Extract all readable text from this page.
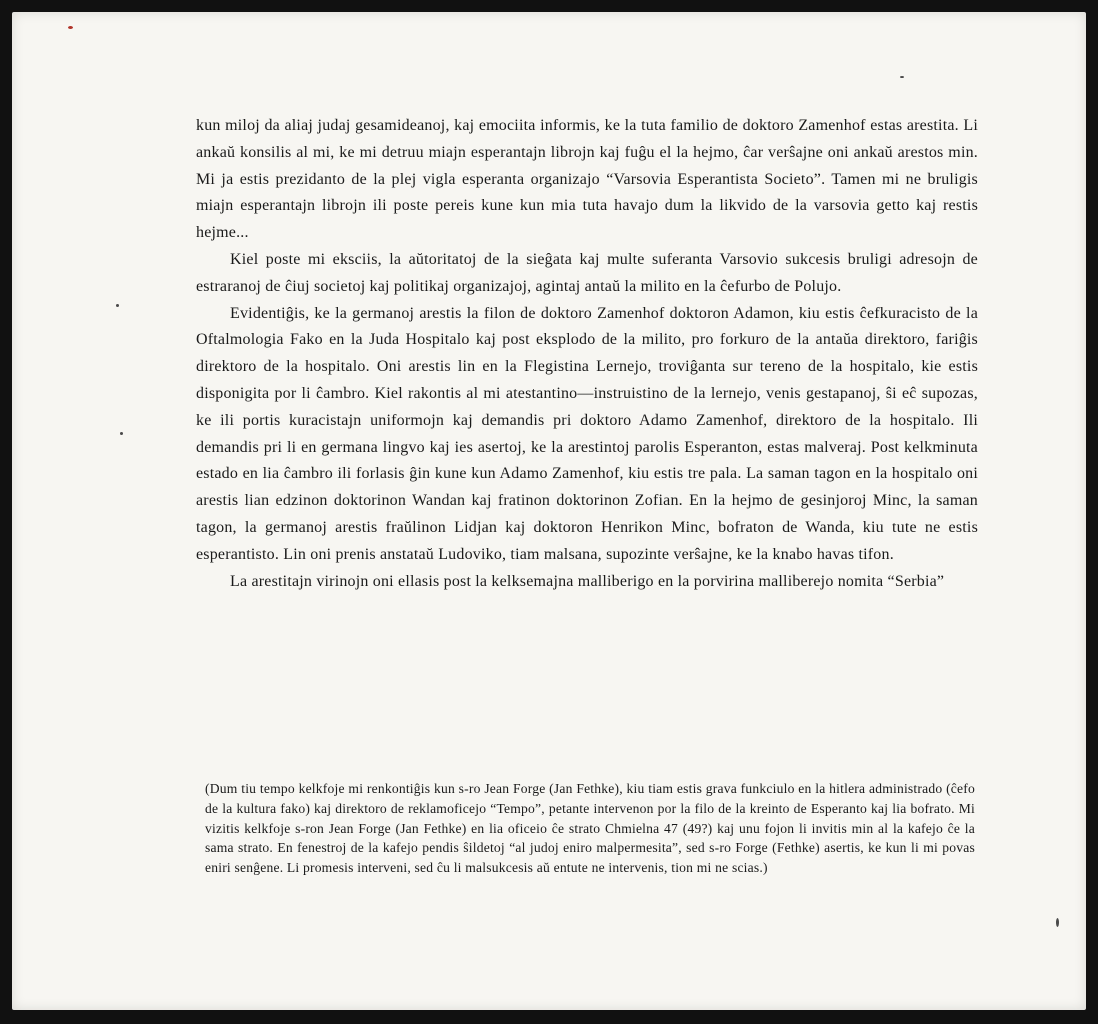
kun miloj da aliaj judaj gesamideanoj, kaj emociita informis, ke la tuta familio de doktoro Zamenhof estas arestita. Li ankaŭ konsilis al mi, ke mi detruu miajn esperantajn librojn kaj fuĝu el la hejmo, ĉar verŝajne oni ankaŭ arestos min. Mi ja estis prezidanto de la plej vigla esperanta organizajo “Varsovia Esperantista Societo”. Tamen mi ne bruligis miajn esperantajn librojn ili poste pereis kune kun mia tuta havajo dum la likvido de la varsovia getto kaj restis hejme...

Kiel poste mi eksciis, la aŭtoritatoj de la sieĝata kaj multe suferanta Varsovio sukcesis bruligi adresojn de estraranoj de ĉiuj societoj kaj politikaj organizajoj, agintaj antaŭ la milito en la ĉefurbo de Polujo.

Evidentiĝis, ke la germanoj arestis la filon de doktoro Zamenhof doktoron Adamon, kiu estis ĉefkuracisto de la Oftalmologia Fako en la Juda Hospitalo kaj post eksplodo de la milito, pro forkuro de la antaŭa direktoro, fariĝis direktoro de la hospitalo. Oni arestis lin en la Flegistina Lernejo, troviĝanta sur tereno de la hospitalo, kie estis disponigita por li ĉambro. Kiel rakontis al mi atestantino—instruistino de la lernejo, venis gestapanoj, ŝi eĉ supozas, ke ili portis kuracistajn uniformojn kaj demandis pri doktoro Adamo Zamenhof, direktoro de la hospitalo. Ili demandis pri li en germana lingvo kaj ies asertoj, ke la arestintoj parolis Esperanton, estas malveraj. Post kelkminuta estado en lia ĉambro ili forlasis ĝin kune kun Adamo Zamenhof, kiu estis tre pala. La saman tagon en la hospitalo oni arestis lian edzinon doktorinon Wandan kaj fratinon doktorinon Zofian. En la hejmo de gesinjoroj Minc, la saman tagon, la germanoj arestis fraŭlinon Lidjan kaj doktoron Henrikon Minc, bofraton de Wanda, kiu tute ne estis esperantisto. Lin oni prenis anstataŭ Ludoviko, tiam malsana, supozinte verŝajne, ke la knabo havas tifon.

La arestitajn virinojn oni ellasis post la kelksemajna malliberigo en la porvirina malliberejo nomita “Serbia”

(Dum tiu tempo kelkfoje mi renkontiĝis kun s-ro Jean Forge (Jan Fethke), kiu tiam estis grava funkciulo en la hitlera administrado (ĉefo de la kultura fako) kaj direktoro de reklamoficejo “Tempo”, petante intervenon por la filo de la kreinto de Esperanto kaj lia bofrato. Mi vizitis kelkfoje s-ron Jean Forge (Jan Fethke) en lia oficeio ĉe strato Chmielna 47 (49?) kaj unu fojon li invitis min al la kafejo ĉe la sama strato. En fenestroj de la kafejo pendis ŝildetoj “al judoj eniro malpermesita”, sed s-ro Forge (Fethke) asertis, ke kun li mi povas eniri senĝene. Li promesis interveni, sed ĉu li malsukcesis aŭ entute ne intervenis, tion mi ne scias.)
